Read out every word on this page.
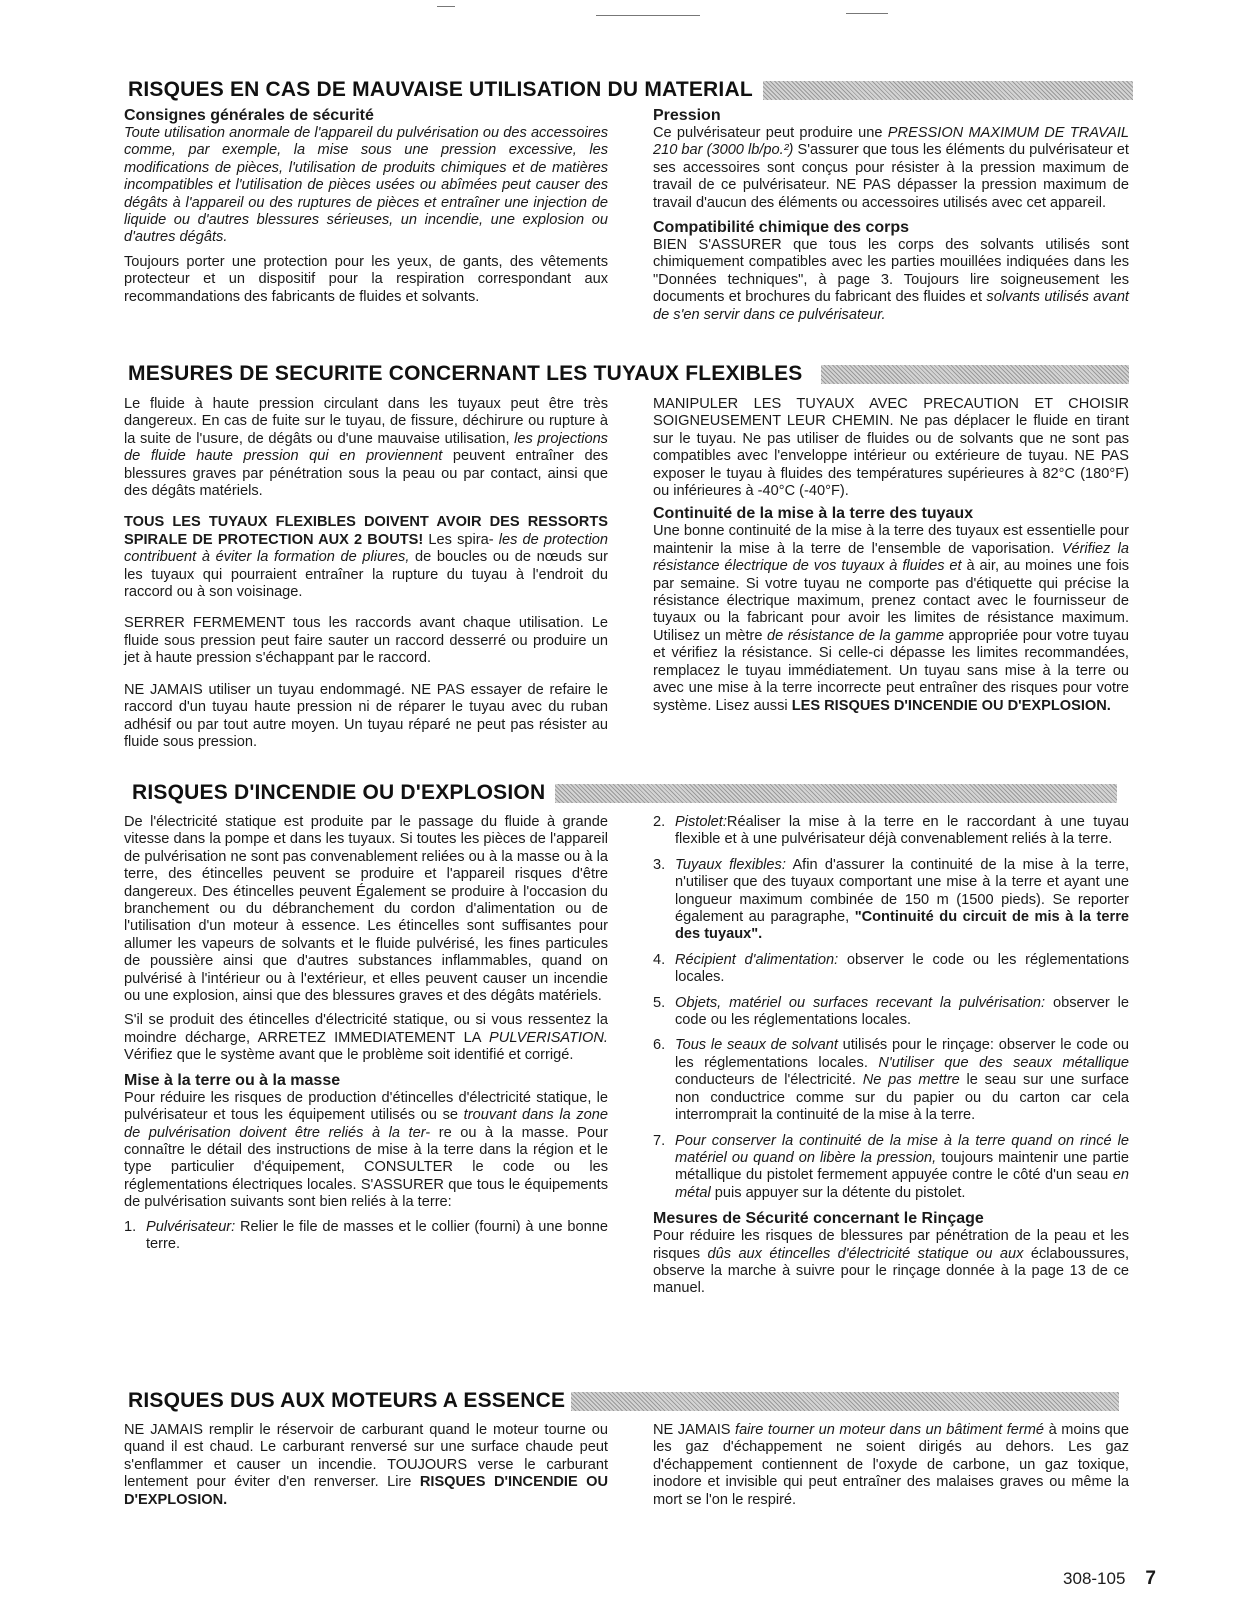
RISQUES EN CAS DE MAUVAISE UTILISATION DU MATERIAL
Consignes générales de sécurité

Toute utilisation anormale de l'appareil du pulvérisation ou des accessoires comme, par exemple, la mise sous une pression excessive, les modifications de pièces, l'utilisation de produits chimiques et de matières incompatibles et l'utilisation de pièces usées ou abîmées peut causer des dégâts à l'appareil ou des ruptures de pièces et entraîner une injection de liquide ou d'autres blessures sérieuses, un incendie, une explosion ou d'autres dégâts.

Toujours porter une protection pour les yeux, de gants, des vêtements protecteur et un dispositif pour la respiration correspondant aux recommandations des fabricants de fluides et solvants.

Pression

Ce pulvérisateur peut produire une PRESSION MAXIMUM DE TRAVAIL 210 bar (3000 lb/po.²) S'assurer que tous les éléments du pulvérisateur et ses accessoires sont conçus pour résister à la pression maximum de travail de ce pulvérisateur. NE PAS dépasser la pression maximum de travail d'aucun des éléments ou accessoires utilisés avec cet appareil.

Compatibilité chimique des corps

BIEN S'ASSURER que tous les corps des solvants utilisés sont chimiquement compatibles avec les parties mouillées indiquées dans les "Données techniques", à page 3. Toujours lire soigneusement les documents et brochures du fabricant des fluides et solvants utilisés avant de s'en servir dans ce pulvérisateur.

MESURES DE SECURITE CONCERNANT LES TUYAUX FLEXIBLES

Le fluide à haute pression circulant dans les tuyaux peut être très dangereux. En cas de fuite sur le tuyau, de fissure, déchirure ou rupture à la suite de l'usure, de dégâts ou d'une mauvaise utilisation, les projections de fluide haute pression qui en proviennent peuvent entraîner des blessures graves par pénétration sous la peau ou par contact, ainsi que des dégâts matériels.

TOUS LES TUYAUX FLEXIBLES DOIVENT AVOIR DES RESSORTS SPIRALE DE PROTECTION AUX 2 BOUTS! Les spira- les de protection contribuent à éviter la formation de pliures, de boucles ou de nœuds sur les tuyaux qui pourraient entraîner la rupture du tuyau à l'endroit du raccord ou à son voisinage.

SERRER FERMEMENT tous les raccords avant chaque utilisation. Le fluide sous pression peut faire sauter un raccord desserré ou produire un jet à haute pression s'échappant par le raccord.

NE JAMAIS utiliser un tuyau endommagé. NE PAS essayer de refaire le raccord d'un tuyau haute pression ni de réparer le tuyau avec du ruban adhésif ou par tout autre moyen. Un tuyau réparé ne peut pas résister au fluide sous pression.

MANIPULER LES TUYAUX AVEC PRECAUTION ET CHOISIR SOIGNEUSEMENT LEUR CHEMIN. Ne pas déplacer le fluide en tirant sur le tuyau. Ne pas utiliser de fluides ou de solvants que ne sont pas compatibles avec l'enveloppe intérieur ou extérieure de tuyau. NE PAS exposer le tuyau à fluides des températures supérieures à 82°C (180°F) ou inférieures à -40°C (-40°F).

Continuité de la mise à la terre des tuyaux

Une bonne continuité de la mise à la terre des tuyaux est essentielle pour maintenir la mise à la terre de l'ensemble de vaporisation. Vérifiez la résistance électrique de vos tuyaux à fluides et à air, au moines une fois par semaine. Si votre tuyau ne comporte pas d'étiquette qui précise la résistance électrique maximum, prenez contact avec le fournisseur de tuyaux ou la fabricant pour avoir les limites de résistance maximum. Utilisez un mètre de résistance de la gamme appropriée pour votre tuyau et vérifiez la résistance. Si celle-ci dépasse les limites recommandées, remplacez le tuyau immédiatement. Un tuyau sans mise à la terre ou avec une mise à la terre incorrecte peut entraîner des risques pour votre système. Lisez aussi LES RISQUES D'INCENDIE OU D'EXPLOSION.

RISQUES D'INCENDIE OU D'EXPLOSION

De l'électricité statique est produite par le passage du fluide à grande vitesse dans la pompe et dans les tuyaux. Si toutes les pièces de l'appareil de pulvérisation ne sont pas convenablement reliées ou à la masse ou à la terre, des étincelles peuvent se produire et l'appareil risques d'être dangereux. Des étincelles peuvent Également se produire à l'occasion du branchement ou du débranchement du cordon d'alimentation ou de l'utilisation d'un moteur à essence. Les étincelles sont suffisantes pour allumer les vapeurs de solvants et le fluide pulvérisé, les fines particules de poussière ainsi que d'autres substances inflammables, quand on pulvérisé à l'intérieur ou à l'extérieur, et elles peuvent causer un incendie ou une explosion, ainsi que des blessures graves et des dégâts matériels.

S'il se produit des étincelles d'électricité statique, ou si vous ressentez la moindre décharge, ARRETEZ IMMEDIATEMENT LA PULVERISATION. Vérifiez que le système avant que le problème soit identifié et corrigé.

Mise à la terre ou à la masse

Pour réduire les risques de production d'étincelles d'électricité statique, le pulvérisateur et tous les équipement utilisés ou se trouvant dans la zone de pulvérisation doivent être reliés à la ter- re ou à la masse. Pour connaître le détail des instructions de mise à la terre dans la région et le type particulier d'équipement, CONSULTER le code ou les réglementations électriques locales. S'ASSURER que tous le équipements de pulvérisation suivants sont bien reliés à la terre:

1. Pulvérisateur: Relier le file de masses et le collier (fourni) à une bonne terre.
2. Pistolet:Réaliser la mise à la terre en le raccordant à une tuyau flexible et à une pulvérisateur déjà convenablement reliés à la terre.
3. Tuyaux flexibles: Afin d'assurer la continuité de la mise à la terre, n'utiliser que des tuyaux comportant une mise à la terre et ayant une longueur maximum combinée de 150 m (1500 pieds). Se reporter également au paragraphe, "Continuité du circuit de mis à la terre des tuyaux".
4. Récipient d'alimentation: observer le code ou les réglementations locales.
5. Objets, matériel ou surfaces recevant la pulvérisation: observer le code ou les réglementations locales.
6. Tous le seaux de solvant utilisés pour le rinçage: observer le code ou les réglementations locales. N'utiliser que des seaux métallique conducteurs de l'électricité. Ne pas mettre le seau sur une surface non conductrice comme sur du papier ou du carton car cela interromprait la continuité de la mise à la terre.
7. Pour conserver la continuité de la mise à la terre quand on rincé le matériel ou quand on libère la pression, toujours maintenir une partie métallique du pistolet fermement appuyée contre le côté d'un seau en métal puis appuyer sur la détente du pistolet.
Mesures de Sécurité concernant le Rinçage

Pour réduire les risques de blessures par pénétration de la peau et les risques dûs aux étincelles d'électricité statique ou aux éclaboussures, observe la marche à suivre pour le rinçage donnée à la page 13 de ce manuel.

RISQUES DUS AUX MOTEURS A ESSENCE

NE JAMAIS remplir le réservoir de carburant quand le moteur tourne ou quand il est chaud. Le carburant renversé sur une surface chaude peut s'enflammer et causer un incendie. TOUJOURS verse le carburant lentement pour éviter d'en renverser. Lire RISQUES D'INCENDIE OU D'EXPLOSION.

NE JAMAIS faire tourner un moteur dans un bâtiment fermé à moins que les gaz d'échappement ne soient dirigés au dehors. Les gaz d'échappement contiennent de l'oxyde de carbone, un gaz toxique, inodore et invisible qui peut entraîner des malaises graves ou même la mort se l'on le respiré.

308-105 7
